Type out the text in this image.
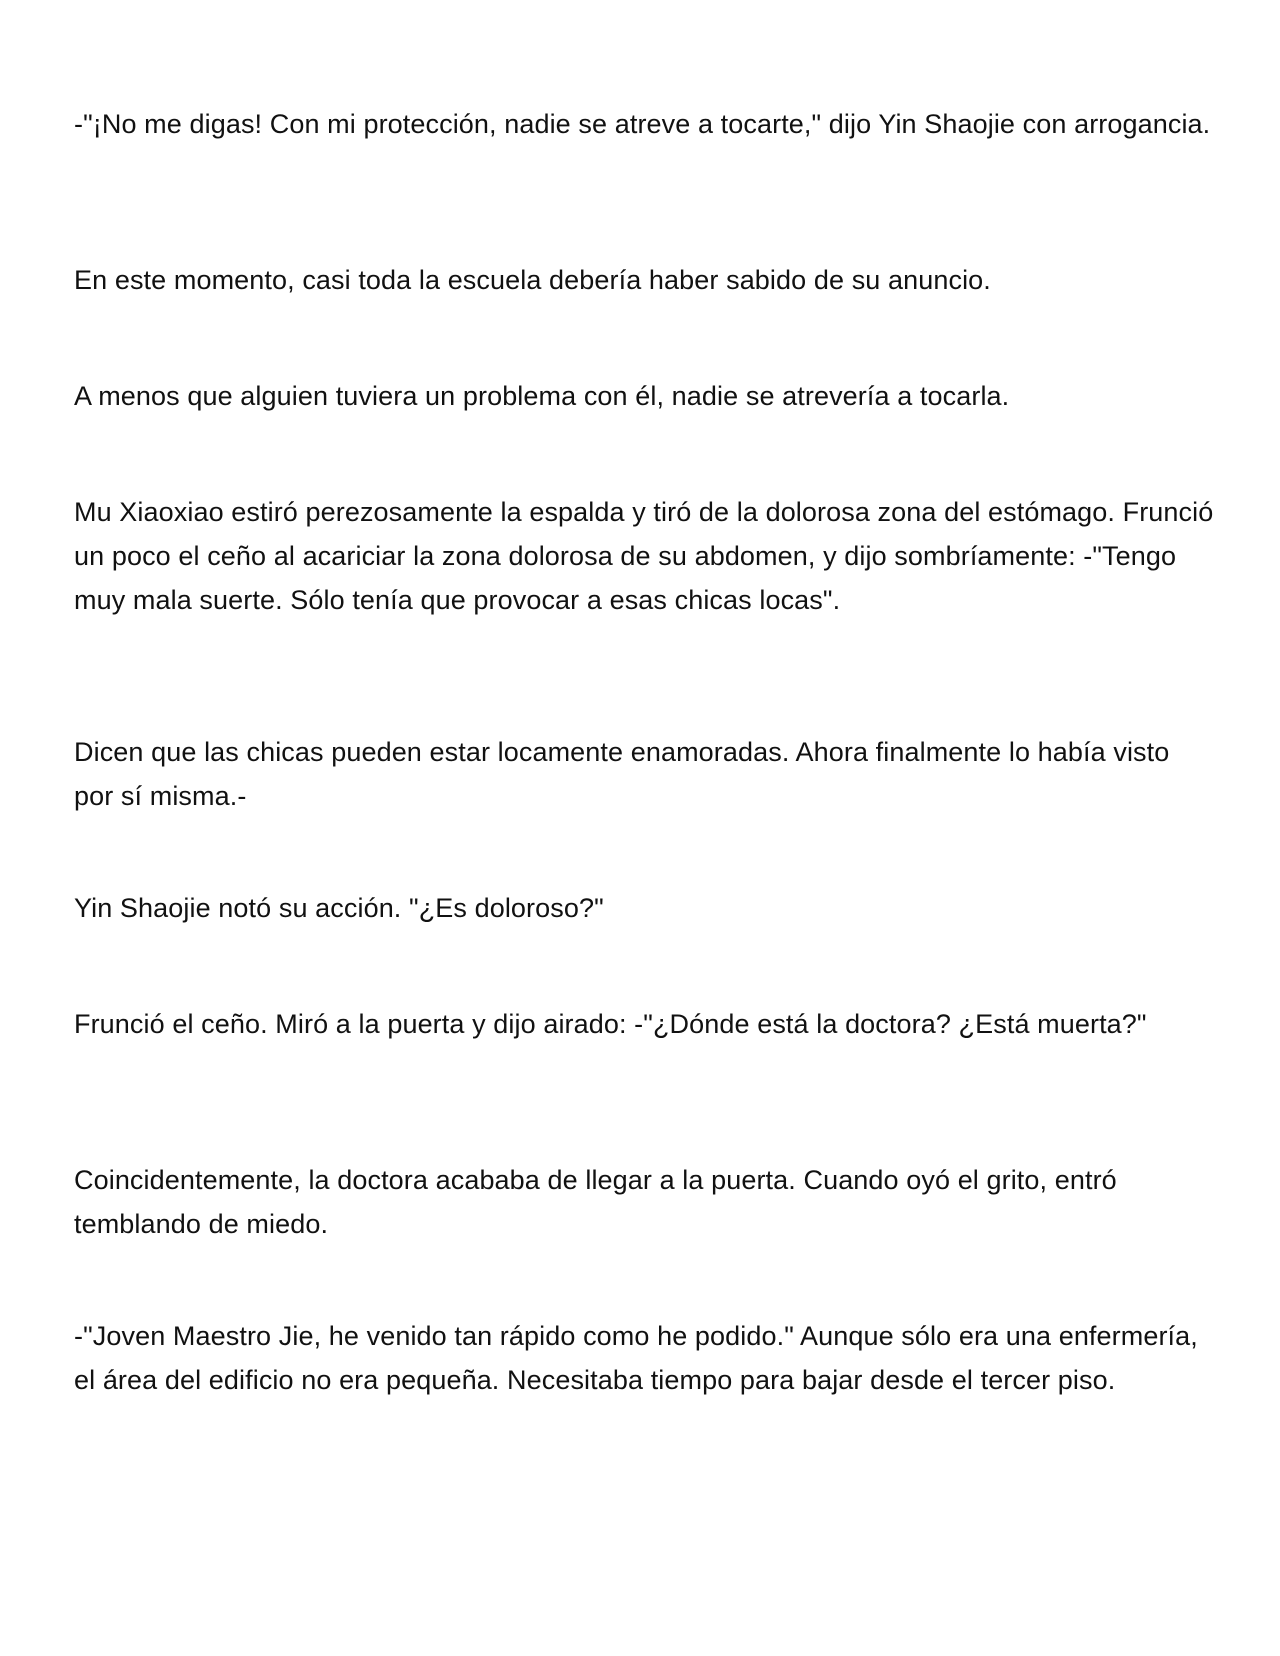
-"¡No me digas! Con mi protección, nadie se atreve a tocarte," dijo Yin Shaojie con arrogancia.

En este momento, casi toda la escuela debería haber sabido de su anuncio.

A menos que alguien tuviera un problema con él, nadie se atrevería a tocarla.

Mu Xiaoxiao estiró perezosamente la espalda y tiró de la dolorosa zona del estómago. Frunció un poco el ceño al acariciar la zona dolorosa de su abdomen, y dijo sombríamente: -"Tengo muy mala suerte. Sólo tenía que provocar a esas chicas locas".

Dicen que las chicas pueden estar locamente enamoradas. Ahora finalmente lo había visto por sí misma.-

Yin Shaojie notó su acción. "¿Es doloroso?"

Frunció el ceño. Miró a la puerta y dijo airado: -"¿Dónde está la doctora? ¿Está muerta?"

Coincidentemente, la doctora acababa de llegar a la puerta. Cuando oyó el grito, entró temblando de miedo.

-"Joven Maestro Jie, he venido tan rápido como he podido." Aunque sólo era una enfermería, el área del edificio no era pequeña. Necesitaba tiempo para bajar desde el tercer piso.
